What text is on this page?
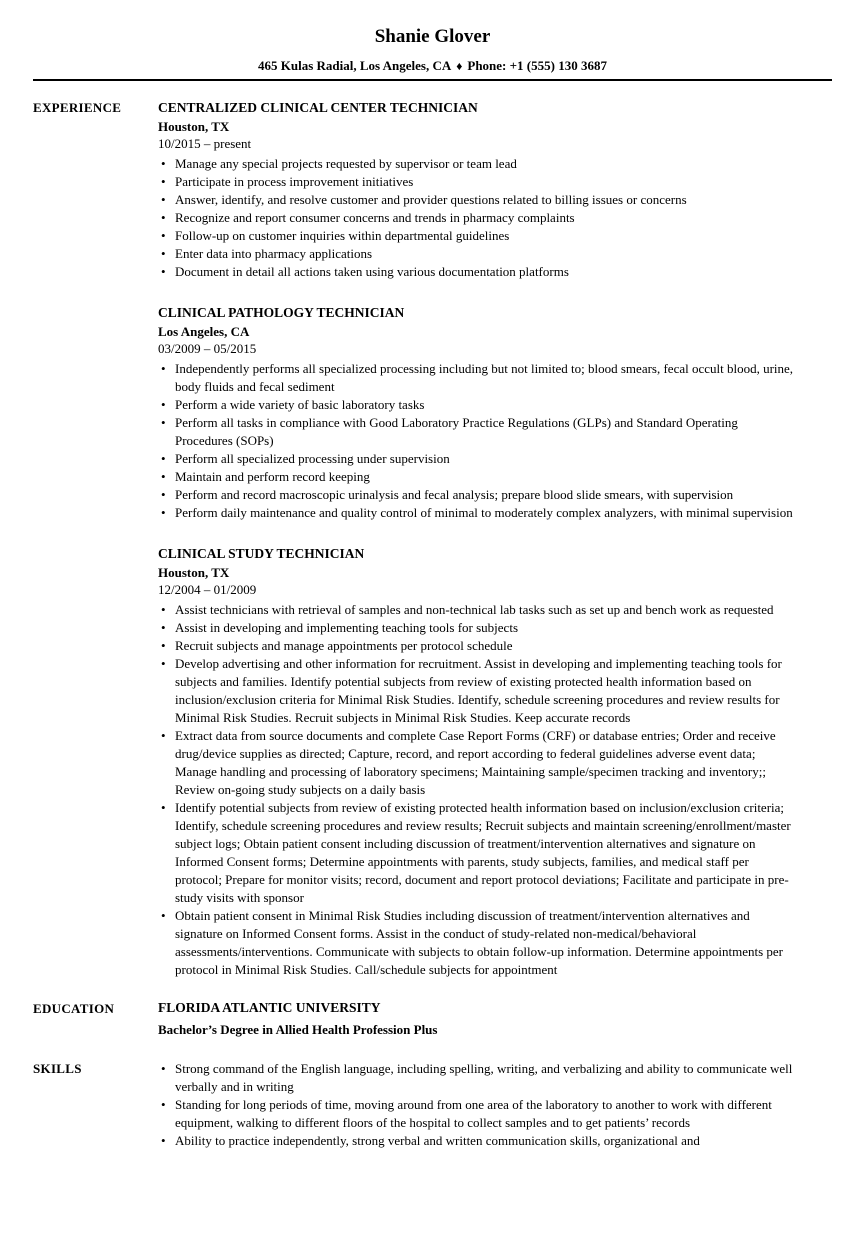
Shanie Glover
465 Kulas Radial, Los Angeles, CA ♦ Phone: +1 (555) 130 3687
EXPERIENCE	CENTRALIZED CLINICAL CENTER TECHNICIAN
Houston, TX
10/2015 – present
• Manage any special projects requested by supervisor or team lead
• Participate in process improvement initiatives
• Answer, identify, and resolve customer and provider questions related to billing issues or concerns
• Recognize and report consumer concerns and trends in pharmacy complaints
• Follow-up on customer inquiries within departmental guidelines
• Enter data into pharmacy applications
• Document in detail all actions taken using various documentation platforms
CLINICAL PATHOLOGY TECHNICIAN
Los Angeles, CA
03/2009 – 05/2015
• Independently performs all specialized processing including but not limited to; blood smears, fecal occult blood, urine, body fluids and fecal sediment
• Perform a wide variety of basic laboratory tasks
• Perform all tasks in compliance with Good Laboratory Practice Regulations (GLPs) and Standard Operating Procedures (SOPs)
• Perform all specialized processing under supervision
• Maintain and perform record keeping
• Perform and record macroscopic urinalysis and fecal analysis; prepare blood slide smears, with supervision
• Perform daily maintenance and quality control of minimal to moderately complex analyzers, with minimal supervision
CLINICAL STUDY TECHNICIAN
Houston, TX
12/2004 – 01/2009
• Assist technicians with retrieval of samples and non-technical lab tasks such as set up and bench work as requested
• Assist in developing and implementing teaching tools for subjects
• Recruit subjects and manage appointments per protocol schedule
• Develop advertising and other information for recruitment. Assist in developing and implementing teaching tools for subjects and families. Identify potential subjects from review of existing protected health information based on inclusion/exclusion criteria for Minimal Risk Studies. Identify, schedule screening procedures and review results for Minimal Risk Studies. Recruit subjects in Minimal Risk Studies. Keep accurate records
• Extract data from source documents and complete Case Report Forms (CRF) or database entries; Order and receive drug/device supplies as directed; Capture, record, and report according to federal guidelines adverse event data; Manage handling and processing of laboratory specimens; Maintaining sample/specimen tracking and inventory;; Review on-going study subjects on a daily basis
• Identify potential subjects from review of existing protected health information based on inclusion/exclusion criteria; Identify, schedule screening procedures and review results; Recruit subjects and maintain screening/enrollment/master subject logs; Obtain patient consent including discussion of treatment/intervention alternatives and signature on Informed Consent forms; Determine appointments with parents, study subjects, families, and medical staff per protocol; Prepare for monitor visits; record, document and report protocol deviations; Facilitate and participate in pre-study visits with sponsor
• Obtain patient consent in Minimal Risk Studies including discussion of treatment/intervention alternatives and signature on Informed Consent forms. Assist in the conduct of study-related non-medical/behavioral assessments/interventions. Communicate with subjects to obtain follow-up information. Determine appointments per protocol in Minimal Risk Studies. Call/schedule subjects for appointment
EDUCATION	FLORIDA ATLANTIC UNIVERSITY
Bachelor’s Degree in Allied Health Profession Plus
SKILLS	• Strong command of the English language, including spelling, writing, and verbalizing and ability to communicate well verbally and in writing
• Standing for long periods of time, moving around from one area of the laboratory to another to work with different equipment, walking to different floors of the hospital to collect samples and to get patients’ records
• Ability to practice independently, strong verbal and written communication skills, organizational and
